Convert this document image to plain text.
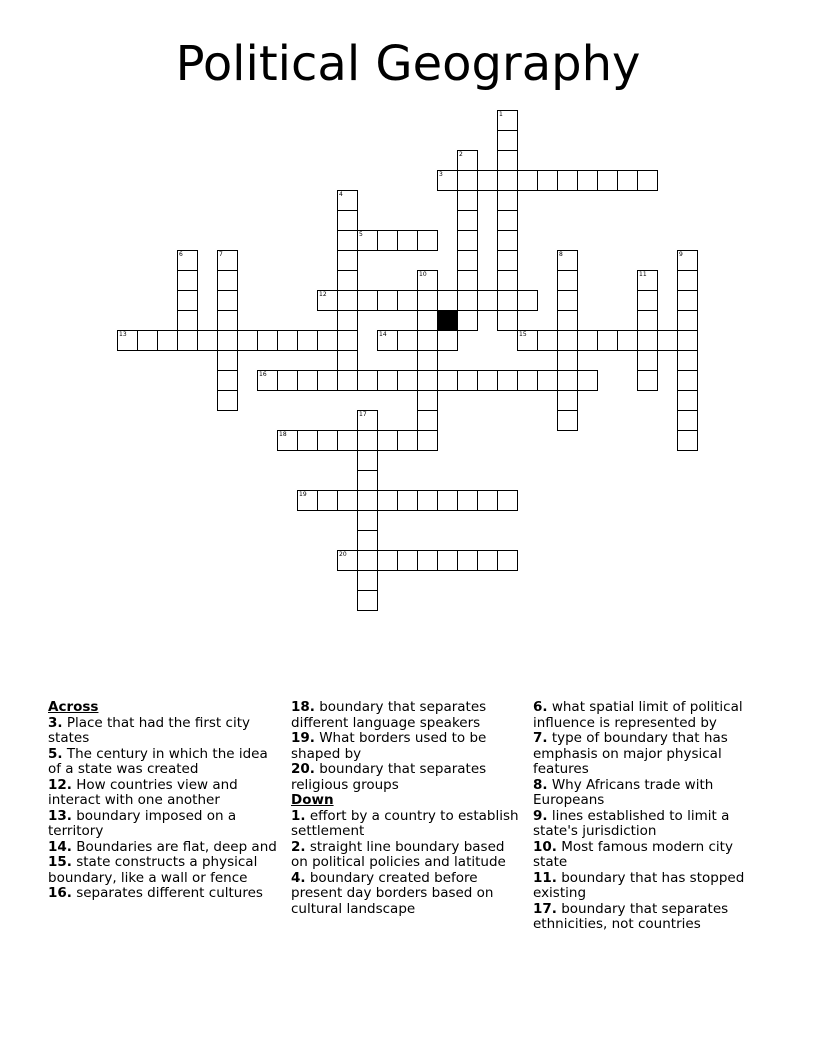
Political Geography
1
2
3
4
5
6	7	8	9
10	11
12
13	14	15
16
17
18
19
20
Across
3. Place that had the first city states
5. The century in which the idea of a state was created
12. How countries view and interact with one another
13. boundary imposed on a territory
14. Boundaries are flat, deep and
15. state constructs a physical boundary, like a wall or fence
16. separates different cultures
18. boundary that separates different language speakers
19. What borders used to be shaped by
20. boundary that separates religious groups
Down
1. effort by a country to establish settlement
2. straight line boundary based on political policies and latitude
4. boundary created before present day borders based on cultural landscape
6. what spatial limit of political influence is represented by
7. type of boundary that has emphasis on major physical features
8. Why Africans trade with Europeans
9. lines established to limit a state's jurisdiction
10. Most famous modern city state
11. boundary that has stopped existing
17. boundary that separates ethnicities, not countries
